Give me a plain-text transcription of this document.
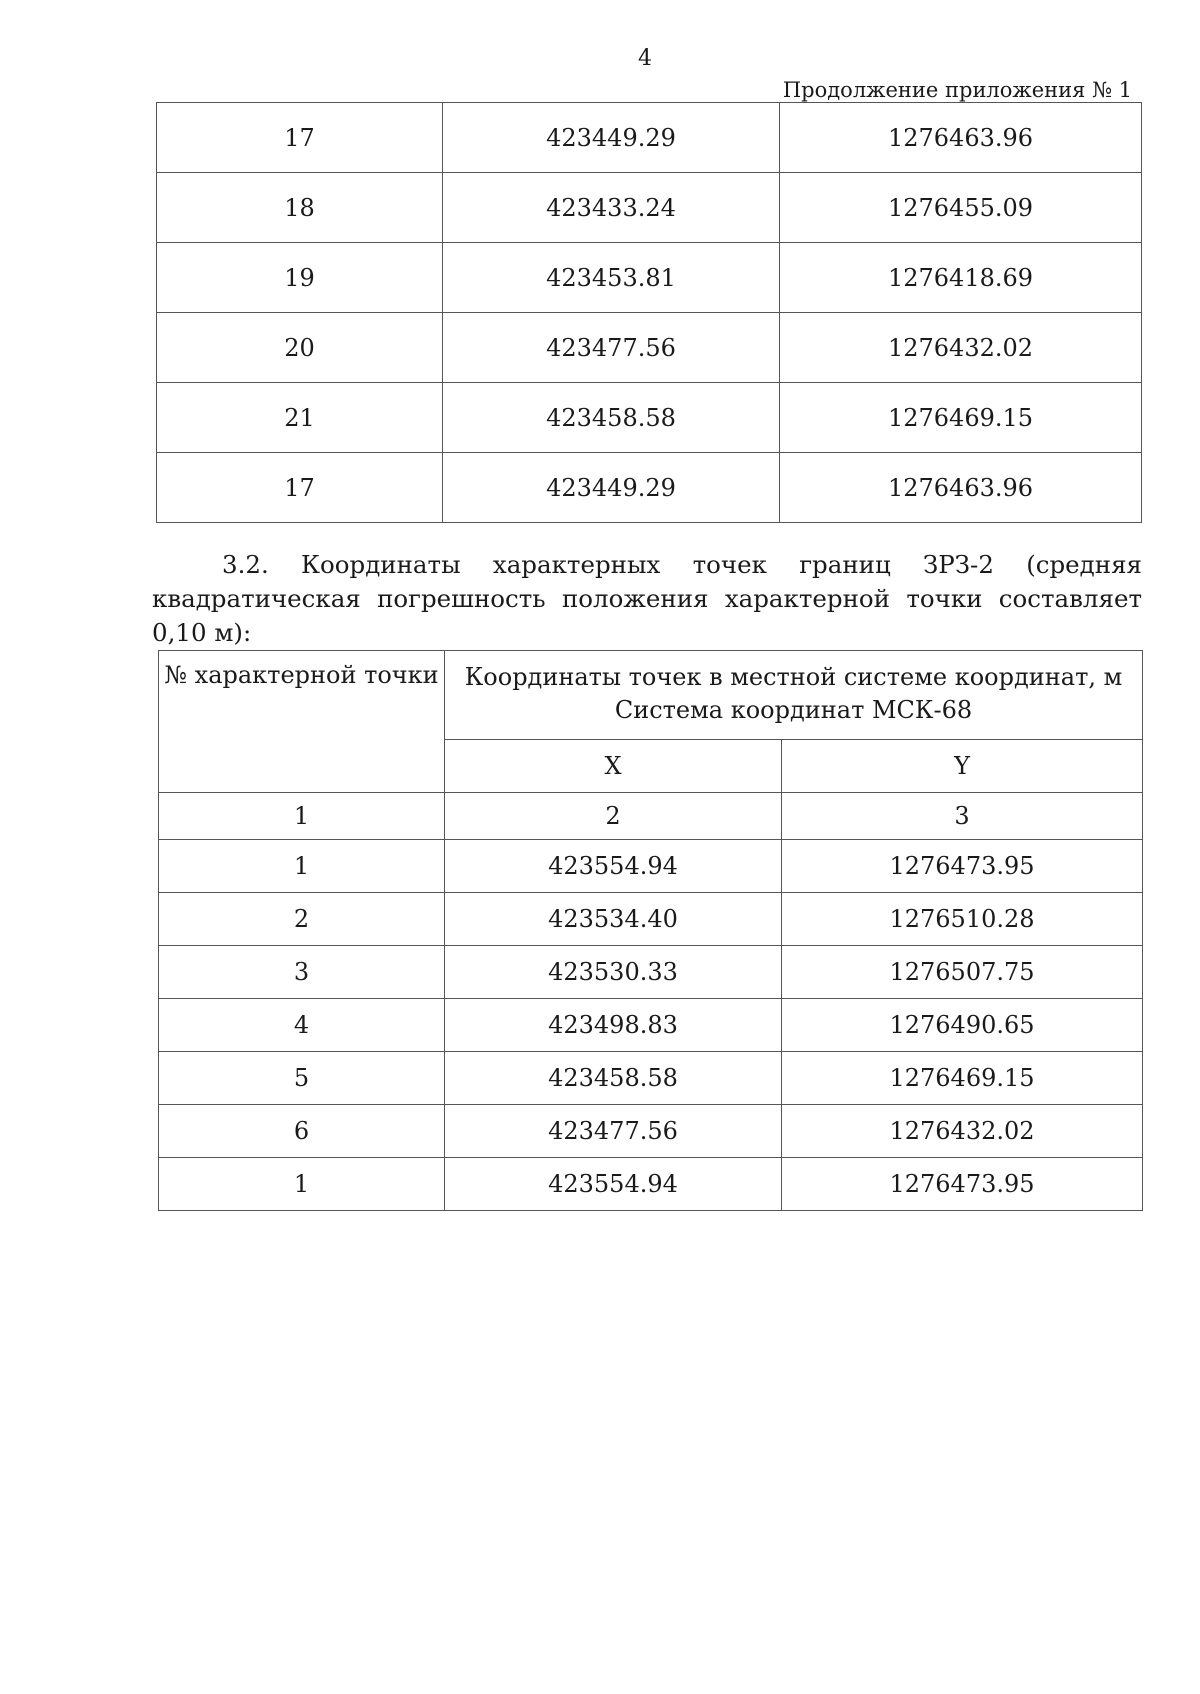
4
Продолжение приложения № 1
17	423449.29	1276463.96
18	423433.24	1276455.09
19	423453.81	1276418.69
20	423477.56	1276432.02
21	423458.58	1276469.15
17	423449.29	1276463.96
3.2. Координаты характерных точек границ ЗРЗ-2 (средняя квадратическая погрешность положения характерной точки составляет 0,10 м):
№ характерной точки	Координаты точек в местной системе координат, м
Система координат МСК-68	

	X	Y
1	2	3
1	423554.94	1276473.95
2	423534.40	1276510.28
3	423530.33	1276507.75
4	423498.83	1276490.65
5	423458.58	1276469.15
6	423477.56	1276432.02
1	423554.94	1276473.95
